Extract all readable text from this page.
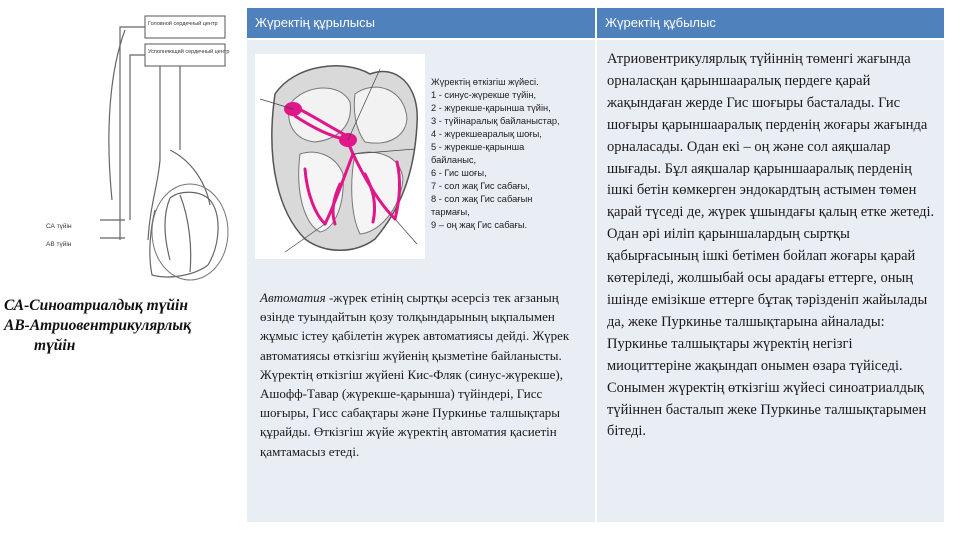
Головной сердечный центр
Усполняющий сердечный центр
СА түйін
АВ түйін
СА-Синоатриалдық түйін
АВ-Атриовентрикулярлық
түйін
Жүректің құрылысы	Жүректің құбылыс
Жүректің өткізгіш жүйесі.
1 - синус-жүрекше түйін,
2 - жүрекше-қарынша түйін,
3 - түйінаралық байланыстар,
4 - жүрекшеаралық шоғы,
5 - жүрекше-қарынша
байланыс,
6 - Гис шоғы,
7 - сол жақ Гис сабағы,
8 - сол жақ Гис сабағын
тармағы,
9 – оң жақ Гис сабағы.
Автоматия -жүрек етінің сыртқы әсерсіз тек ағзаның өзінде туындайтын қозу толқындарының ықпалымен жұмыс істеу қабілетін жүрек автоматиясы дейді. Жүрек автоматиясы өткізгіш жүйенің қызметіне байланысты. Жүректің өткізгіш жүйені Кис-Фляк (синус-жүрекше), Ашофф-Тавар (жүрекше-қарынша) түйіндері, Гисс шоғыры, Гисс сабақтары және Пуркинье талшықтары құрайды. Өткізгіш жүйе жүректің автоматия қасиетін қамтамасыз етеді.
Атриовентрикулярлық түйіннің төменгі жағында орналасқан қарыншааралық пердеге қарай жақындаған жерде Гис шоғыры басталады. Гис шоғыры қарыншааралық перденің жоғары жағында орналасады. Одан екі – оң және сол аяқшалар шығады. Бұл аяқшалар қарыншааралық перденің ішкі бетін көмкерген эндокардтың астымен төмен қарай түседі де, жүрек ұшындағы қалың етке жетеді. Одан әрі иіліп қарыншалардың сыртқы қабырғасының ішкі бетімен бойлап жоғары қарай көтеріледі, жолшыбай осы арадағы еттерге, оның ішінде емізікше еттерге бұтақ тәрізденіп жайылады да, жеке Пуркинье талшықтарына айналады: Пуркинье талшықтары жүректің негізгі миоциттеріне жақындап онымен өзара түйіседі. Сонымен жүректің өткізгіш жүйесі синоатриалдық түйіннен басталып жеке Пуркинье талшықтарымен бітеді.
